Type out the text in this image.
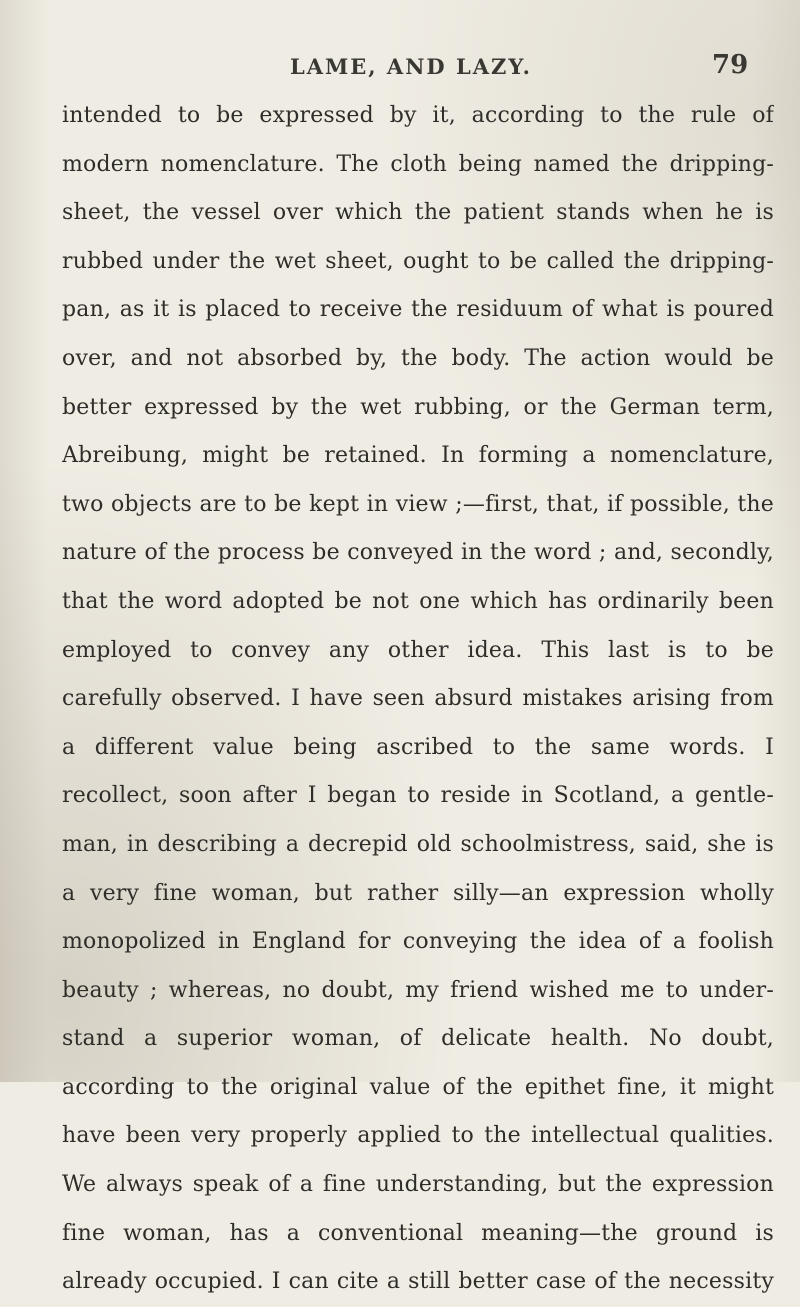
LAME, AND LAZY.	79
intended to be expressed by it, according to the rule of
modern nomenclature. The cloth being named the dripping-
sheet, the vessel over which the patient stands when he is
rubbed under the wet sheet, ought to be called the dripping-
pan, as it is placed to receive the residuum of what is poured
over, and not absorbed by, the body. The action would be
better expressed by the wet rubbing, or the German term,
Abreibung, might be retained. In forming a nomenclature,
two objects are to be kept in view ;—first, that, if possible, the
nature of the process be conveyed in the word ; and, secondly,
that the word adopted be not one which has ordinarily been
employed to convey any other idea. This last is to be
carefully observed. I have seen absurd mistakes arising from
a different value being ascribed to the same words. I
recollect, soon after I began to reside in Scotland, a gentle-
man, in describing a decrepid old schoolmistress, said, she is
a very fine woman, but rather silly—an expression wholly
monopolized in England for conveying the idea of a foolish
beauty ; whereas, no doubt, my friend wished me to under-
stand a superior woman, of delicate health. No doubt,
according to the original value of the epithet fine, it might
have been very properly applied to the intellectual qualities.
We always speak of a fine understanding, but the expression
fine woman, has a conventional meaning—the ground is
already occupied. I can cite a still better case of the necessity
